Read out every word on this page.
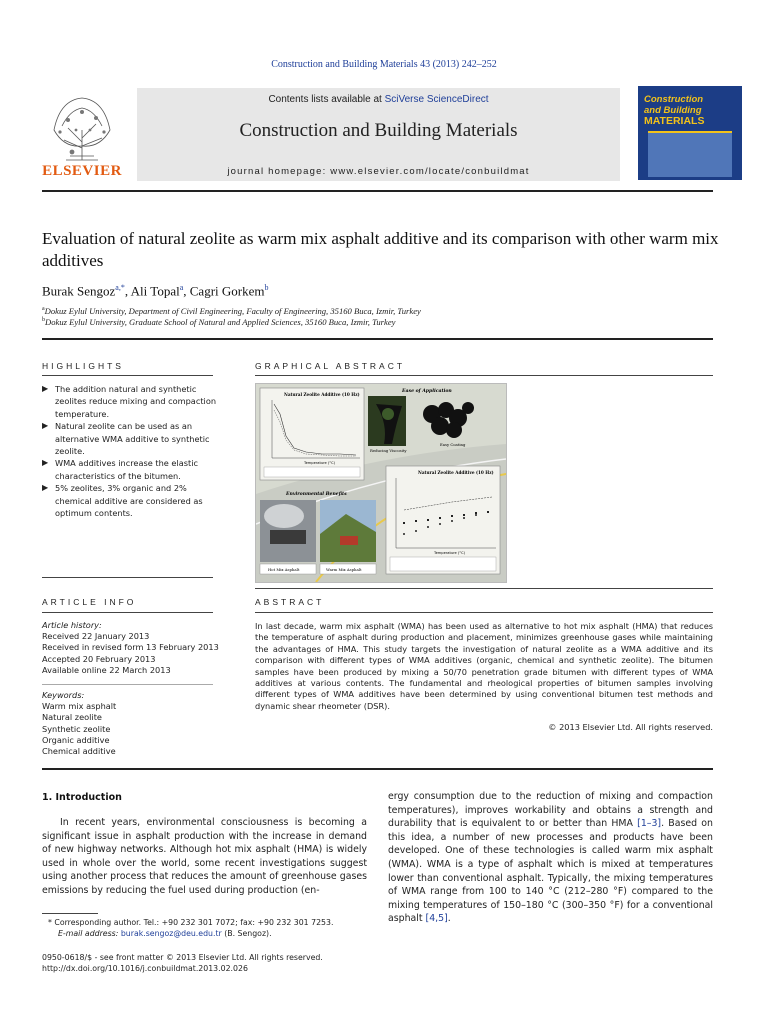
Construction and Building Materials 43 (2013) 242–252
Contents lists available at SciVerse ScienceDirect
Construction and Building Materials
journal homepage: www.elsevier.com/locate/conbuildmat
ELSEVIER
Construction
and Building
MATERIALS
Evaluation of natural zeolite as warm mix asphalt additive and its comparison with other warm mix additives
Burak Sengoz$^{a,*}$, Ali Topal$^a$, Cagri Gorkem$^b$
$^a$Dokuz Eylul University, Department of Civil Engineering, Faculty of Engineering, 35160 Buca, Izmir, Turkey
$^b$Dokuz Eylul University, Graduate School of Natural and Applied Sciences, 35160 Buca, Izmir, Turkey
HIGHLIGHTS
▶ The addition natural and synthetic zeolites reduce mixing and compaction temperature.
▶ Natural zeolite can be used as an alternative WMA additive to synthetic zeolite.
▶ WMA additives increase the elastic characteristics of the bitumen.
▶ 5% zeolites, 3% organic and 2% chemical additive are considered as optimum contents.
GRAPHICAL ABSTRACT
Natural Zeolite Additive (10 Hz)
Temperature (°C)
Ease of Application
Reducing Viscosity
Easy Coating
Natural Zeolite Additive (10 Hz)
Temperature (°C)
Environmental Benefits
Hot Mix Asphalt	Warm Mix Asphalt
ARTICLE INFO
Article history:
Received 22 January 2013
Received in revised form 13 February 2013
Accepted 20 February 2013
Available online 22 March 2013
Keywords:
Warm mix asphalt
Natural zeolite
Synthetic zeolite
Organic additive
Chemical additive
ABSTRACT
In last decade, warm mix asphalt (WMA) has been used as alternative to hot mix asphalt (HMA) that reduces the temperature of asphalt during production and placement, minimizes greenhouse gases while maintaining the advantages of HMA. This study targets the investigation of natural zeolite as a WMA additive and its comparison with different types of WMA additives (organic, chemical and synthetic zeolite). The bitumen samples have been produced by mixing a 50/70 penetration grade bitumen with different types of WMA additives at various contents. The fundamental and rheological properties of bitumen samples involving different types of WMA additives have been determined by using conventional bitumen test methods and dynamic shear rheometer (DSR).
© 2013 Elsevier Ltd. All rights reserved.
1. Introduction
In recent years, environmental consciousness is becoming a significant issue in asphalt production with the increase in demand of new highway networks. Although hot mix asphalt (HMA) is widely used in whole over the world, some recent investigations suggest using another process that reduces the amount of greenhouse gases emissions by reducing the fuel used during production (en-
ergy consumption due to the reduction of mixing and compaction temperatures), improves workability and obtains a strength and durability that is equivalent to or better than HMA [1–3]. Based on this idea, a number of new processes and products have been developed. One of these technologies is called warm mix asphalt (WMA). WMA is a type of asphalt which is mixed at temperatures lower than conventional asphalt. Typically, the mixing temperatures of WMA range from 100 to 140 °C (212–280 °F) compared to the mixing temperatures of 150–180 °C (300–350 °F) for a conventional asphalt [4,5].
* Corresponding author. Tel.: +90 232 301 7072; fax: +90 232 301 7253.
E-mail address: burak.sengoz@deu.edu.tr (B. Sengoz).
0950-0618/$ - see front matter © 2013 Elsevier Ltd. All rights reserved.
http://dx.doi.org/10.1016/j.conbuildmat.2013.02.026
